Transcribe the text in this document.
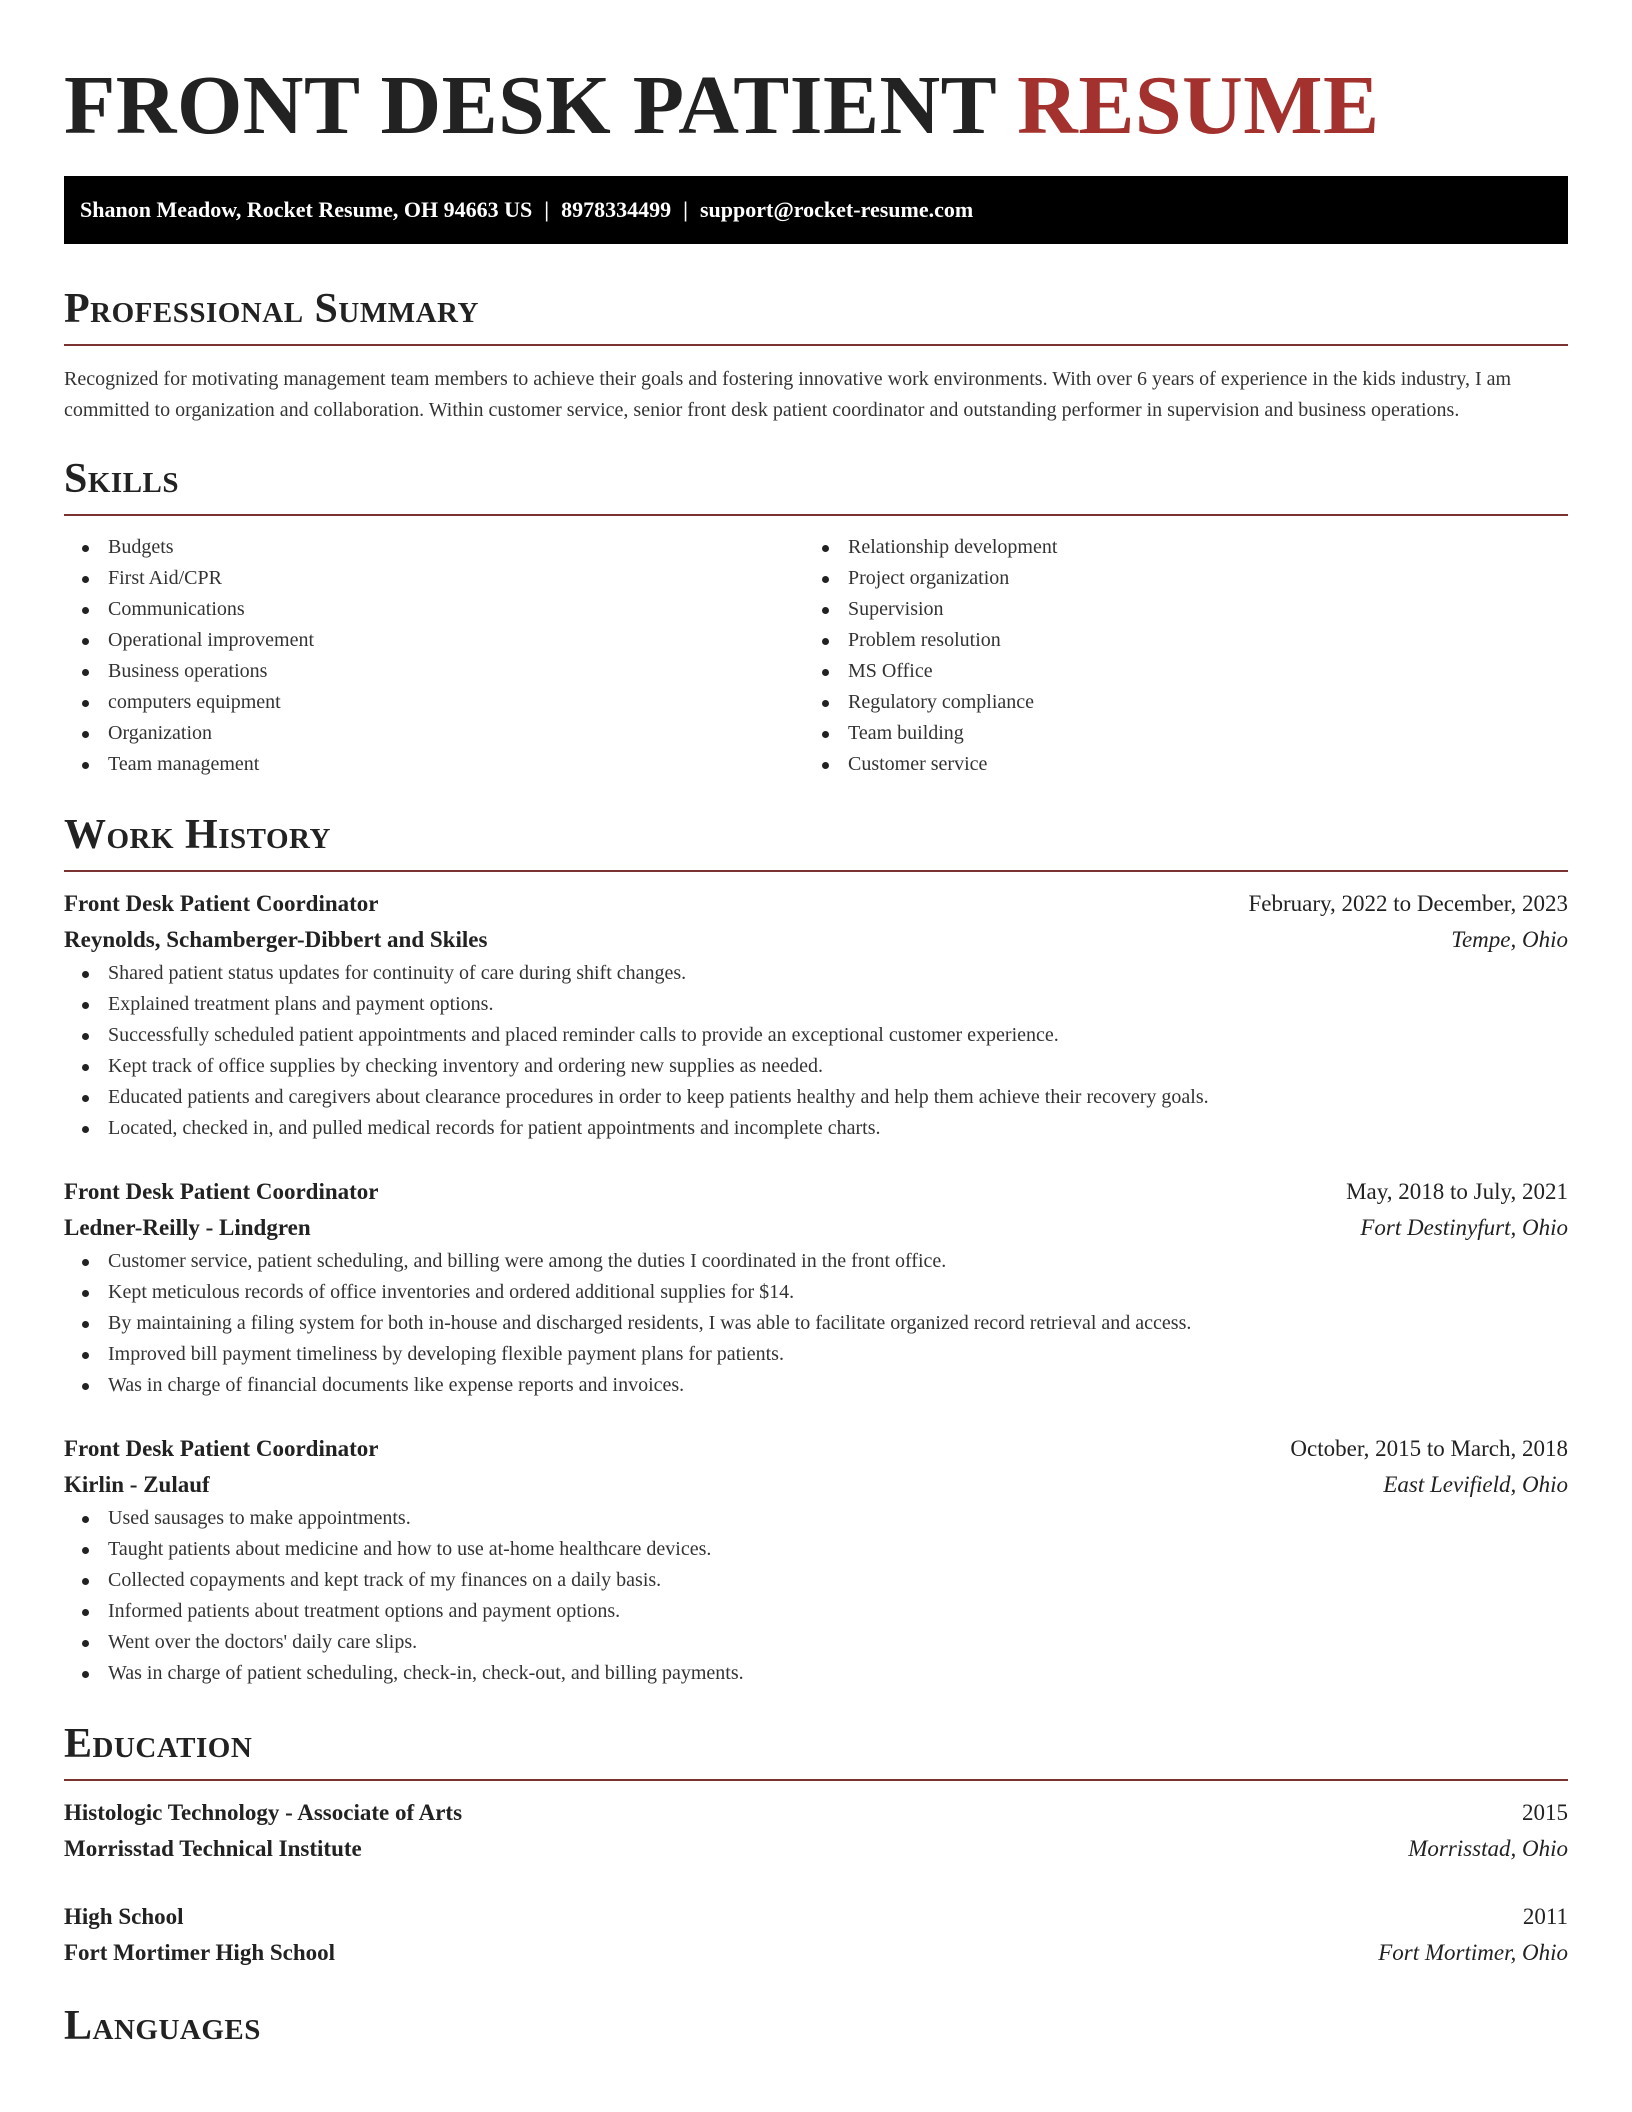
FRONT DESK PATIENT RESUME
Shanon Meadow, Rocket Resume, OH 94663 US | 8978334499 | support@rocket-resume.com
Professional Summary

Recognized for motivating management team members to achieve their goals and fostering innovative work environments. With over 6 years of experience in the kids industry, I am committed to organization and collaboration. Within customer service, senior front desk patient coordinator and outstanding performer in supervision and business operations.

Skills
Budgets
First Aid/CPR
Communications
Operational improvement
Business operations
computers equipment
Organization
Team management
Relationship development
Project organization
Supervision
Problem resolution
MS Office
Regulatory compliance
Team building
Customer service
Work History
Front Desk Patient Coordinator	February, 2022 to December, 2023
Reynolds, Schamberger-Dibbert and Skiles	Tempe, Ohio
Shared patient status updates for continuity of care during shift changes.
Explained treatment plans and payment options.
Successfully scheduled patient appointments and placed reminder calls to provide an exceptional customer experience.
Kept track of office supplies by checking inventory and ordering new supplies as needed.
Educated patients and caregivers about clearance procedures in order to keep patients healthy and help them achieve their recovery goals.
Located, checked in, and pulled medical records for patient appointments and incomplete charts.
Front Desk Patient Coordinator	May, 2018 to July, 2021
Ledner-Reilly - Lindgren	Fort Destinyfurt, Ohio
Customer service, patient scheduling, and billing were among the duties I coordinated in the front office.
Kept meticulous records of office inventories and ordered additional supplies for $14.
By maintaining a filing system for both in-house and discharged residents, I was able to facilitate organized record retrieval and access.
Improved bill payment timeliness by developing flexible payment plans for patients.
Was in charge of financial documents like expense reports and invoices.
Front Desk Patient Coordinator	October, 2015 to March, 2018
Kirlin - Zulauf	East Levifield, Ohio
Used sausages to make appointments.
Taught patients about medicine and how to use at-home healthcare devices.
Collected copayments and kept track of my finances on a daily basis.
Informed patients about treatment options and payment options.
Went over the doctors' daily care slips.
Was in charge of patient scheduling, check-in, check-out, and billing payments.
Education
Histologic Technology - Associate of Arts	2015
Morrisstad Technical Institute	Morrisstad, Ohio
High School	2011
Fort Mortimer High School	Fort Mortimer, Ohio
Languages
